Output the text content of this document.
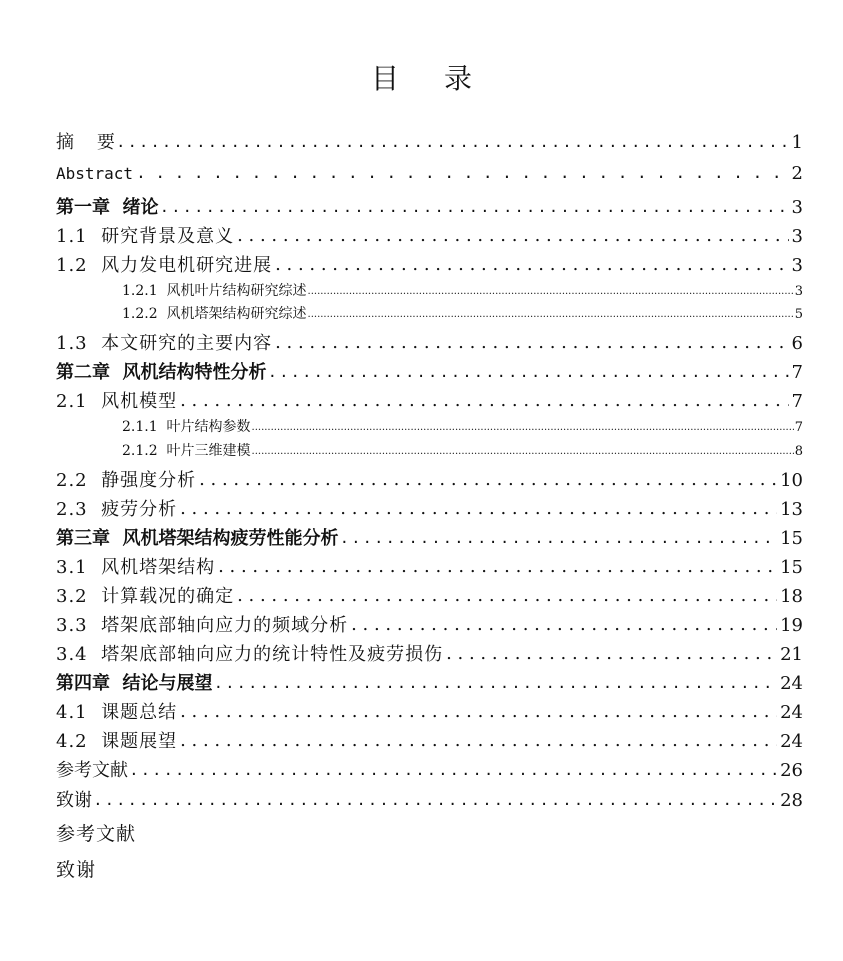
目 录
摘    要 . . .	1
Abstract . . .	2
第一章  绪论 . . .	3
1.1  研究背景及意义 . . .	3
1.2  风力发电机研究进展 . . .	3
1.2.1  风机叶片结构研究综述 .....	3
1.2.2  风机塔架结构研究综述 .....	5
1.3  本文研究的主要内容 . . .	6
第二章  风机结构特性分析 . . .	7
2.1  风机模型 . . .	7
2.1.1  叶片结构参数 .....	7
2.1.2  叶片三维建模 .....	8
2.2  静强度分析 . . .	10
2.3  疲劳分析 . . .	13
第三章  风机塔架结构疲劳性能分析 . . .	15
3.1  风机塔架结构 . . .	15
3.2  计算载况的确定 . . .	18
3.3  塔架底部轴向应力的频域分析 . . .	19
3.4  塔架底部轴向应力的统计特性及疲劳损伤 . . .	21
第四章  结论与展望 . . .	24
4.1  课题总结 . . .	24
4.2  课题展望 . . .	24
参考文献 . . .	26
致谢 . . .	28
参考文献
致谢
